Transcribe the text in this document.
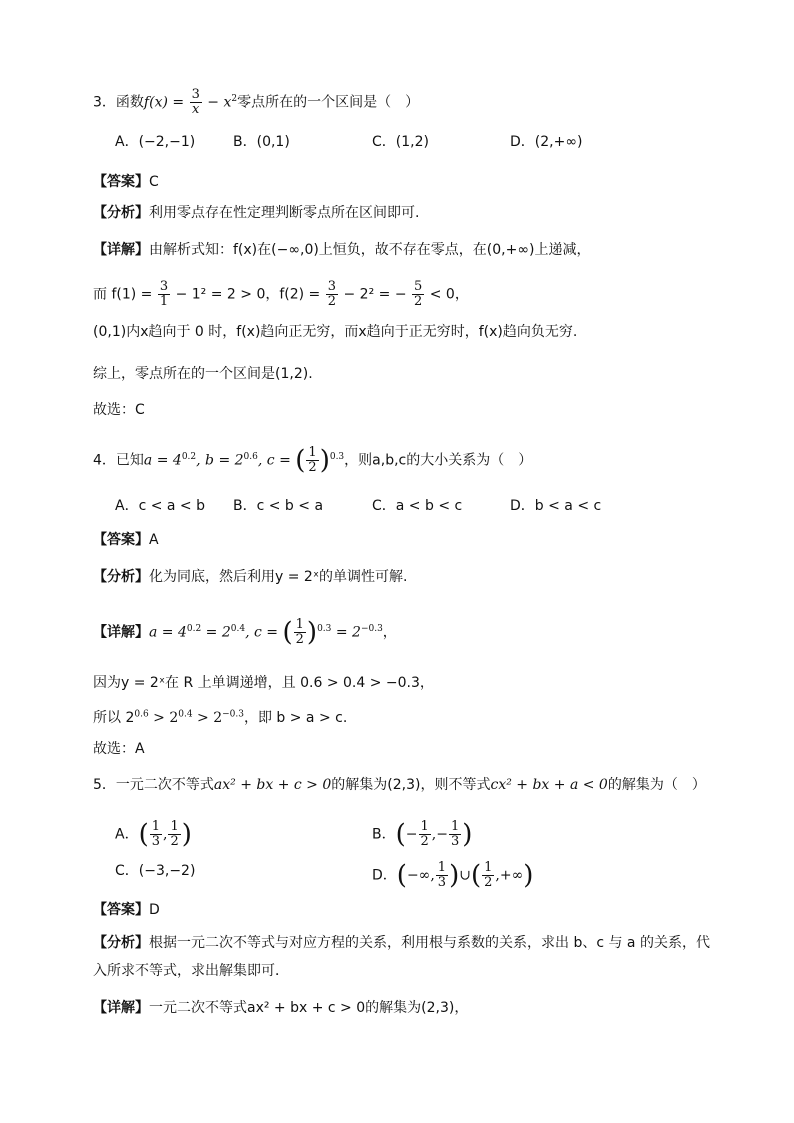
3．函数$f(x) = \frac{3}{x} - x^2$零点所在的一个区间是（　）
A．(−2,−1)	B．(0,1)	C．(1,2)	D．(2,+∞)
【答案】C
【分析】利用零点存在性定理判断零点所在区间即可.
【详解】由解析式知：f(x)在(−∞,0)上恒负，故不存在零点，在(0,+∞)上递减，
而 $f(1) = \frac{3}{1} - 1^2 = 2 > 0$，$f(2) = \frac{3}{2} - 2^2$ = − $\frac{5}{2} < 0$，
(0,1)内x趋向于 0 时，f(x)趋向正无穷，而x趋向于正无穷时，f(x)趋向负无穷.
综上，零点所在的一个区间是(1,2).
故选：C
4．已知$a = 4^{0.2}$, $b = 2^{0.6}$, c = ( $\frac{1}{2} )^{0.3}$，则a,b,c的大小关系为（　）
A．c < a < b B．c < b < a	C．a < b < c	D．b < a < c
【答案】A
【分析】化为同底，然后利用y = 2ˣ的单调性可解.
【详解】$a = 4^{0.2} = 2^{0.4}$, c = ( $\frac{1}{2} )^{0.3} = 2^{-0.3}$，
因为y = 2ˣ在 R 上单调递增，且 0.6 > 0.4 > −0.3，
所以 $2^{0.6} > 2^{0.4} > 2^{-0.3}$，即 b > a > c.
故选：A
5．一元二次不等式ax² + bx + c > 0的解集为(2,3)，则不等式cx² + bx + a < 0的解集为（　）
A．( $\frac{1}{3}$ , $\frac{1}{2}$ )	B．(− $\frac{1}{2}$ ,− $\frac{1}{3}$ )
C．(−3,−2)	D．(−∞, $\frac{1}{3}$ )∪( $\frac{1}{2}$ ,+∞)
【答案】D
【分析】根据一元二次不等式与对应方程的关系，利用根与系数的关系，求出 b、c 与 a 的关系，代
入所求不等式，求出解集即可．
【详解】一元二次不等式ax² + bx + c > 0的解集为(2,3)，
